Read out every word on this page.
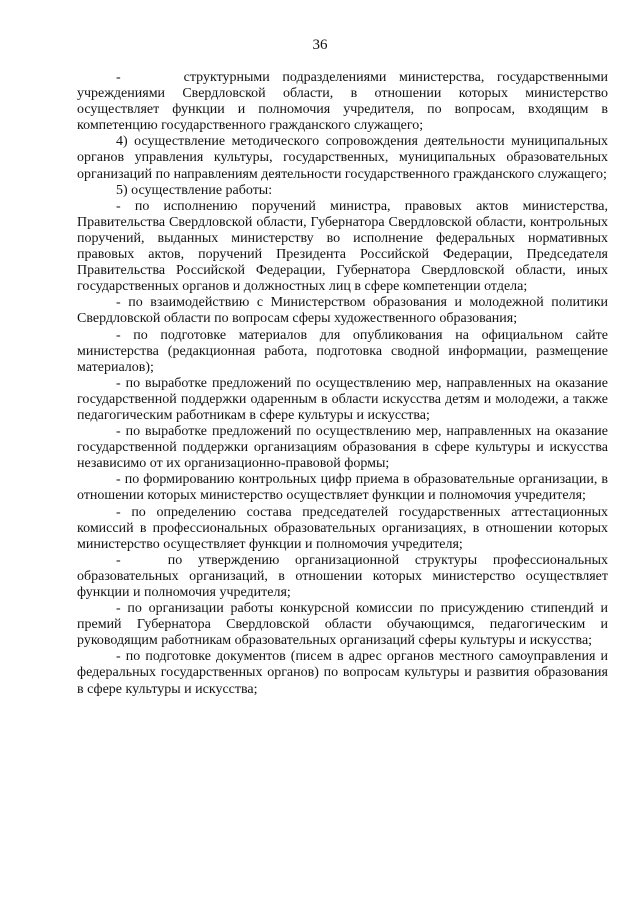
36

-     структурными подразделениями министерства, государственными учреждениями Свердловской области, в отношении которых министерство осуществляет функции и полномочия учредителя, по вопросам, входящим в компетенцию государственного гражданского служащего;

4) осуществление методического сопровождения деятельности муниципальных органов управления культуры, государственных, муниципальных образовательных организаций по направлениям деятельности государственного гражданского служащего;

5) осуществление работы:

- по исполнению поручений министра, правовых актов министерства, Правительства Свердловской области, Губернатора Свердловской области, контрольных поручений, выданных министерству во исполнение федеральных нормативных правовых актов, поручений Президента Российской Федерации, Председателя Правительства Российской Федерации, Губернатора Свердловской области, иных государственных органов и должностных лиц в сфере компетенции отдела;

- по взаимодействию с Министерством образования и молодежной политики Свердловской области по вопросам сферы художественного образования;

- по подготовке материалов для опубликования на официальном сайте министерства (редакционная работа, подготовка сводной информации, размещение материалов);

- по выработке предложений по осуществлению мер, направленных на оказание государственной поддержки одаренным в области искусства детям и молодежи, а также педагогическим работникам в сфере культуры и искусства;

- по выработке предложений по осуществлению мер, направленных на оказание государственной поддержки организациям образования в сфере культуры и искусства независимо от их организационно-правовой формы;

- по формированию контрольных цифр приема в образовательные организации, в отношении которых министерство осуществляет функции и полномочия учредителя;

- по определению состава председателей государственных аттестационных комиссий в профессиональных образовательных организациях, в отношении которых министерство осуществляет функции и полномочия учредителя;

-   по утверждению организационной структуры профессиональных образовательных организаций, в отношении которых министерство осуществляет функции и полномочия учредителя;

- по организации работы конкурсной комиссии по присуждению стипендий и премий Губернатора Свердловской области обучающимся, педагогическим и руководящим работникам образовательных организаций сферы культуры и искусства;

- по подготовке документов (писем в адрес органов местного самоуправления и федеральных государственных органов) по вопросам культуры и развития образования в сфере культуры и искусства;
